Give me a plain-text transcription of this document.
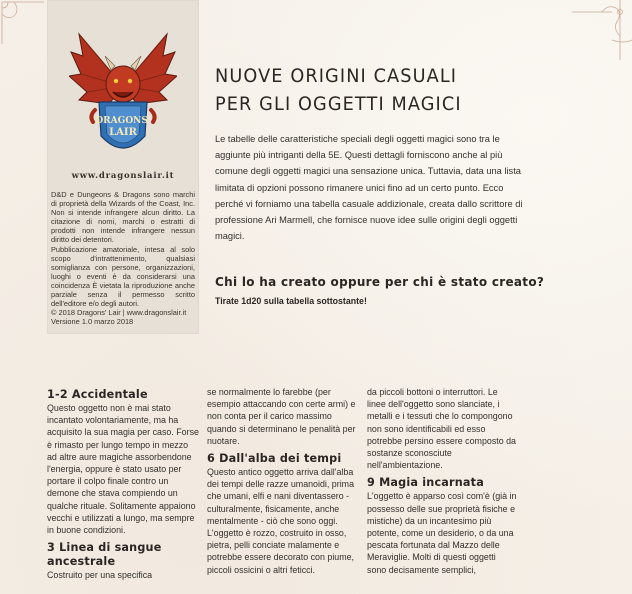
DRAGONS'
LAIR
www.dragonslair.it

D&D e Dungeons & Dragons sono marchi di proprietà della Wizards of the Coast, Inc. Non si intende infrangere alcun diritto. La citazione di nomi, marchi o estratti di prodotti non intende infrangere nessun diritto dei detentori.

Pubblicazione amatoriale, intesa al solo scopo d'intrattenimento, qualsiasi somiglianza con persone, organizzazioni, luoghi o eventi è da considerarsi una coincidenza È vietata la riproduzione anche parziale senza il permesso scritto dell'editore e/o degli autori.

© 2018 Dragons' Lair | www.dragonslair.it

Versione 1.0 marzo 2018

NUOVE ORIGINI CASUALI
PER GLI OGGETTI MAGICI

Le tabelle delle caratteristiche speciali degli oggetti magici sono tra le aggiunte più intriganti della 5E. Questi dettagli forniscono anche al più comune degli oggetti magici una sensazione unica. Tuttavia, data una lista limitata di opzioni possono rimanere unici fino ad un certo punto. Ecco perché vi forniamo una tabella casuale addizionale, creata dallo scrittore di professione Ari Marmell, che fornisce nuove idee sulle origini degli oggetti magici.

Chi lo ha creato oppure per chi è stato creato?

Tirate 1d20 sulla tabella sottostante!

1-2 Accidentale

Questo oggetto non è mai stato incantato volontariamente, ma ha acquisito la sua magia per caso. Forse è rimasto per lungo tempo in mezzo ad altre aure magiche assorbendone l'energia, oppure è stato usato per portare il colpo finale contro un demone che stava compiendo un qualche rituale. Solitamente appaiono vecchi e utilizzati a lungo, ma sempre in buone condizioni.

3 Linea di sangue ancestrale

Costruito per una specifica

se normalmente lo farebbe (per esempio attaccando con certe armi) e non conta per il carico massimo quando si determinano le penalità per nuotare.

6 Dall'alba dei tempi

Questo antico oggetto arriva dall'alba dei tempi delle razze umanoidi, prima che umani, elfi e nani diventassero - culturalmente, fisicamente, anche mentalmente - ciò che sono oggi. L'oggetto è rozzo, costruito in osso, pietra, pelli conciate malamente e potrebbe essere decorato con piume, piccoli ossicini o altri feticci.

da piccoli bottoni o interruttori. Le linee dell'oggetto sono slanciate, i metalli e i tessuti che lo compongono non sono identificabili ed esso potrebbe persino essere composto da sostanze sconosciute nell'ambientazione.

9 Magia incarnata

L'oggetto è apparso così com'è (già in possesso delle sue proprietà fisiche e mistiche) da un incantesimo più potente, come un desiderio, o da una pescata fortunata dal Mazzo delle Meraviglie. Molti di questi oggetti sono decisamente semplici,
